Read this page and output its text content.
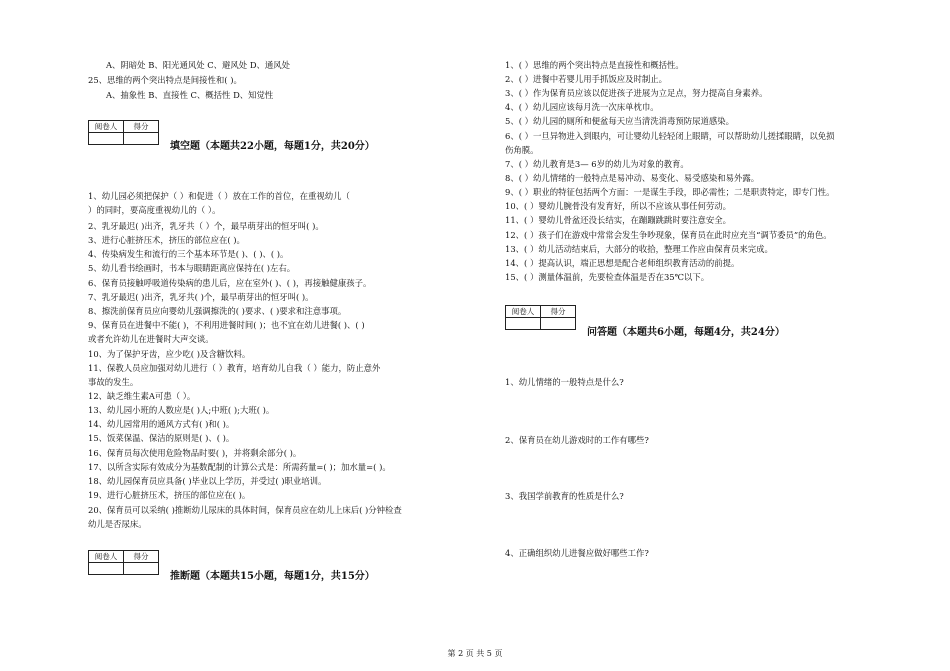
A、阴暗处 B、阳光通风处 C、避风处 D、通风处
25、思维的两个突出特点是间接性和( )。
A、抽象性 B、直接性 C、概括性 D、知觉性
阅卷人	得分

填空题（本题共22小题，每题1分，共20分）
1、幼儿园必须把保护（ ）和促进（ ）放在工作的首位，在重视幼儿（
）的同时，要高度重视幼儿的（ ）。
2、乳牙最迟( )出齐，乳牙共（ ）个，最早萌芽出的恒牙叫( )。
3、进行心脏挤压术，挤压的部位应在( )。
4、传染病发生和流行的三个基本环节是( )、( )、( )。
5、幼儿看书绘画时，书本与眼睛距离应保持在( )左右。
6、保育员接触呼吸道传染病的患儿后，应在室外( )、( )，再接触健康孩子。
7、乳牙最迟( )出齐，乳牙共( )个，最早萌芽出的恒牙叫( )。
8、擦洗前保育员应向婴幼儿强调擦洗的( )要求、( )要求和注意事项。
9、保育员在进餐中不能( )，不利用进餐时间( )；也不宜在幼儿进餐( )、( )
或者允许幼儿在进餐时大声交谈。
10、为了保护牙齿，应少吃( )及含糖饮料。
11、保教人员应加强对幼儿进行（ ）教育，培育幼儿自我（ ）能力，防止意外
事故的发生。
12、缺乏维生素A可患（ ）。
13、幼儿园小班的人数应是( )人;中班( );大班( )。
14、幼儿园常用的通风方式有( )和( )。
15、饭菜保温、保洁的原则是( )、( )。
16、保育员每次使用危险物品时要( )，并将剩余部分( )。
17、以所含实际有效成分为基数配制的计算公式是：所需药量=( )；加水量=( )。
18、幼儿园保育员应具备( )毕业以上学历，并受过( )职业培训。
19、进行心脏挤压术，挤压的部位应在( )。
20、保育员可以采纳( )推断幼儿尿床的具体时间，保育员应在幼儿上床后( )分钟检查
幼儿是否尿床。
阅卷人	得分

推断题（本题共15小题，每题1分，共15分）
1、( ）思维的两个突出特点是直接性和概括性。
2、( ）进餐中若婴儿用手抓饭应及时制止。
3、( ）作为保育员应该以促进孩子进展为立足点，努力提高自身素养。
4、( ）幼儿园应该每月洗一次床单枕巾。
5、( ）幼儿园的厕所和便盆每天应当清洗消毒预防尿道感染。
6、( ）一旦异物进入到眼内，可让婴幼儿轻轻闭上眼睛，可以帮助幼儿搓揉眼睛，以免损
伤角膜。
7、( ）幼儿教育是3— 6岁的幼儿为对象的教育。
8、( ）幼儿情绪的一般特点是易冲动、易变化、易受感染和易外露。
9、( ）职业的特征包括两个方面：一是谋生手段，即必需性；二是职责特定，即专门性。
10、( ）婴幼儿腕骨没有发育好，所以不应该从事任何劳动。
11、( ）婴幼儿骨盆还没长结实，在蹦蹦跳跳时要注意安全。
12、( ）孩子们在游戏中常常会发生争吵现象，保育员在此时应充当“调节委员”的角色。
13、( ）幼儿活动结束后，大部分的收拾，整理工作应由保育员来完成。
14、( ）提高认识，端正思想是配合老师组织教育活动的前提。
15、( ）测量体温前，先要检查体温是否在35℃以下。
阅卷人	得分

问答题（本题共6小题，每题4分，共24分）
1、幼儿情绪的一般特点是什么?
2、保育员在幼儿游戏时的工作有哪些?
3、我国学前教育的性质是什么?
4、正确组织幼儿进餐应做好哪些工作?
第 2 页 共 5 页
